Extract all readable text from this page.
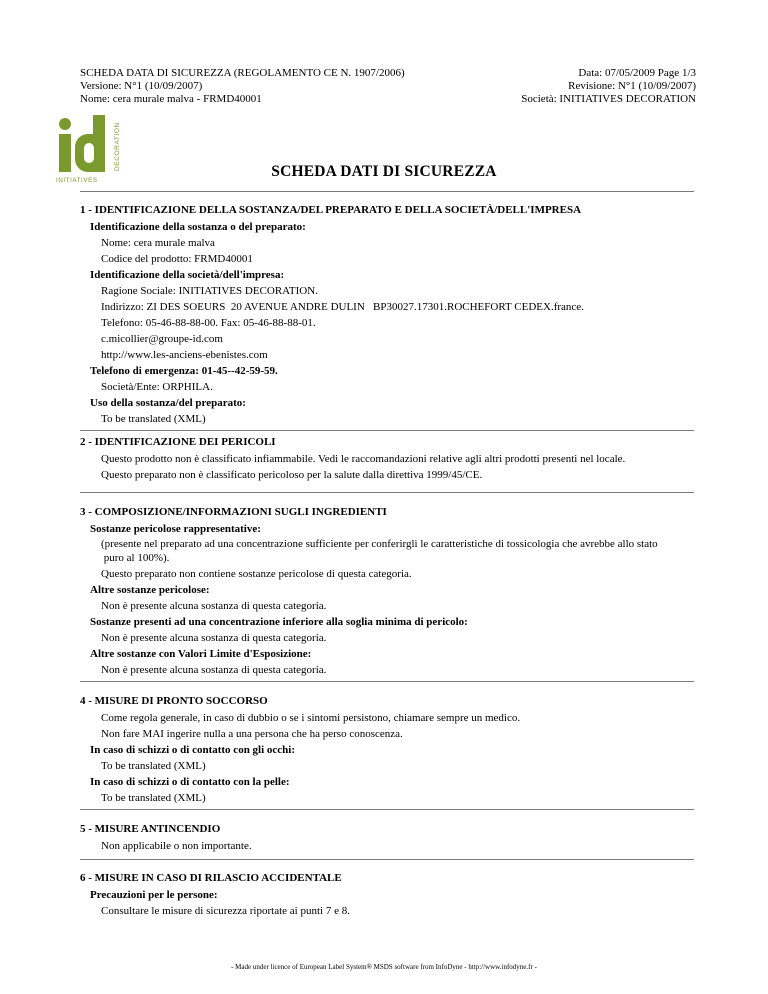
SCHEDA DATA DI SICUREZZA (REGOLAMENTO CE N. 1907/2006)
Versione: N°1 (10/09/2007)
Nome: cera murale malva - FRMD40001
Data: 07/05/2009 Page 1/3
Revisione: N°1 (10/09/2007)
Società: INITIATIVES DECORATION
DECORATION
INITIATIVES
SCHEDA DATI DI SICUREZZA
1 - IDENTIFICAZIONE DELLA SOSTANZA/DEL PREPARATO E DELLA SOCIETÀ/DELL'IMPRESA
Identificazione della sostanza o del preparato:
Nome: cera murale malva
Codice del prodotto: FRMD40001
Identificazione della società/dell'impresa:
Ragione Sociale: INITIATIVES DECORATION.
Indirizzo: ZI DES SOEURS  20 AVENUE ANDRE DULIN   BP30027.17301.ROCHEFORT CEDEX.france.
Telefono: 05-46-88-88-00. Fax: 05-46-88-88-01.
c.micollier@groupe-id.com
http://www.les-anciens-ebenistes.com
Telefono di emergenza: 01-45--42-59-59.
Società/Ente: ORPHILA.
Uso della sostanza/del preparato:
To be translated (XML)
2 - IDENTIFICAZIONE DEI PERICOLI
Questo prodotto non è classificato infiammabile. Vedi le raccomandazioni relative agli altri prodotti presenti nel locale.
Questo preparato non è classificato pericoloso per la salute dalla direttiva 1999/45/CE.
3 - COMPOSIZIONE/INFORMAZIONI SUGLI INGREDIENTI
Sostanze pericolose rappresentative:
(presente nel preparato ad una concentrazione sufficiente per conferirgli le caratteristiche di tossicologia che avrebbe allo stato
puro al 100%).
Questo preparato non contiene sostanze pericolose di questa categoria.
Altre sostanze pericolose:
Non è presente alcuna sostanza di questa categoria.
Sostanze presenti ad una concentrazione inferiore alla soglia minima di pericolo:
Non è presente alcuna sostanza di questa categoria.
Altre sostanze con Valori Limite d'Esposizione:
Non è presente alcuna sostanza di questa categoria.
4 - MISURE DI PRONTO SOCCORSO
Come regola generale, in caso di dubbio o se i sintomi persistono, chiamare sempre un medico.
Non fare MAI ingerire nulla a una persona che ha perso conoscenza.
In caso di schizzi o di contatto con gli occhi:
To be translated (XML)
In caso di schizzi o di contatto con la pelle:
To be translated (XML)
5 - MISURE ANTINCENDIO
Non applicabile o non importante.
6 - MISURE IN CASO DI RILASCIO ACCIDENTALE
Precauzioni per le persone:
Consultare le misure di sicurezza riportate ai punti 7 e 8.
- Made under licence of European Label System® MSDS software from InfoDyne - http://www.infodyne.fr -
